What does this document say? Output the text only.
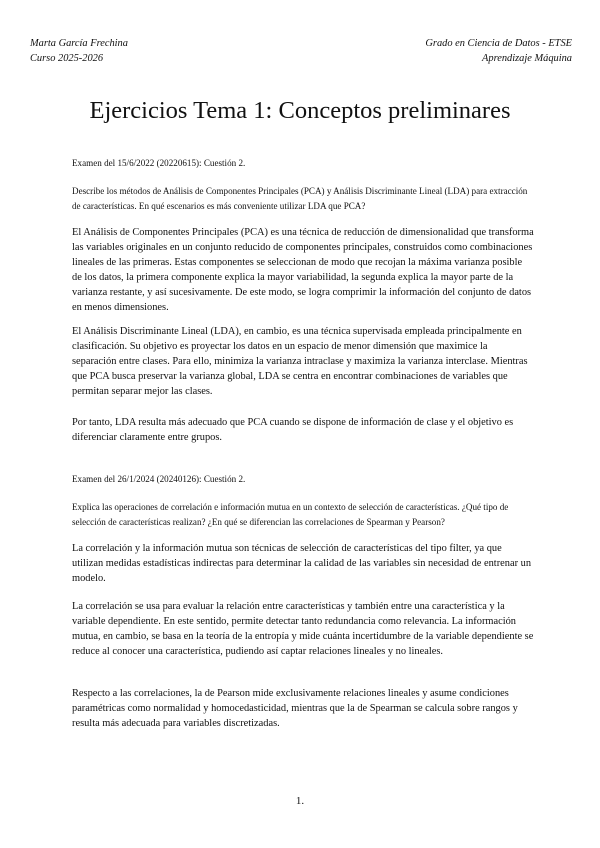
Marta García Frechina
Curso 2025-2026
Grado en Ciencia de Datos - ETSE
Aprendizaje Máquina
Ejercicios Tema 1: Conceptos preliminares
Examen del 15/6/2022 (20220615): Cuestión 2.
Describe los métodos de Análisis de Componentes Principales (PCA) y Análisis Discriminante Lineal (LDA) para extracción de características. En qué escenarios es más conveniente utilizar LDA que PCA?
El Análisis de Componentes Principales (PCA) es una técnica de reducción de dimensionalidad que transforma las variables originales en un conjunto reducido de componentes principales, construidos como combinaciones lineales de las primeras. Estas componentes se seleccionan de modo que recojan la máxima varianza posible de los datos, la primera componente explica la mayor variabilidad, la segunda explica la mayor parte de la varianza restante, y así sucesivamente. De este modo, se logra comprimir la información del conjunto de datos en menos dimensiones.
El Análisis Discriminante Lineal (LDA), en cambio, es una técnica supervisada empleada principalmente en clasificación. Su objetivo es proyectar los datos en un espacio de menor dimensión que maximice la separación entre clases. Para ello, minimiza la varianza intraclase y maximiza la varianza interclase. Mientras que PCA busca preservar la varianza global, LDA se centra en encontrar combinaciones de variables que permitan separar mejor las clases.
Por tanto, LDA resulta más adecuado que PCA cuando se dispone de información de clase y el objetivo es diferenciar claramente entre grupos.
Examen del 26/1/2024 (20240126): Cuestión 2.
Explica las operaciones de correlación e información mutua en un contexto de selección de características. ¿Qué tipo de selección de características realizan? ¿En qué se diferencian las correlaciones de Spearman y Pearson?
La correlación y la información mutua son técnicas de selección de características del tipo filter, ya que utilizan medidas estadísticas indirectas para determinar la calidad de las variables sin necesidad de entrenar un modelo.
La correlación se usa para evaluar la relación entre características y también entre una característica y la variable dependiente. En este sentido, permite detectar tanto redundancia como relevancia. La información mutua, en cambio, se basa en la teoría de la entropía y mide cuánta incertidumbre de la variable dependiente se reduce al conocer una característica, pudiendo así captar relaciones lineales y no lineales.
Respecto a las correlaciones, la de Pearson mide exclusivamente relaciones lineales y asume condiciones paramétricas como normalidad y homocedasticidad, mientras que la de Spearman se calcula sobre rangos y resulta más adecuada para variables discretizadas.
1.
